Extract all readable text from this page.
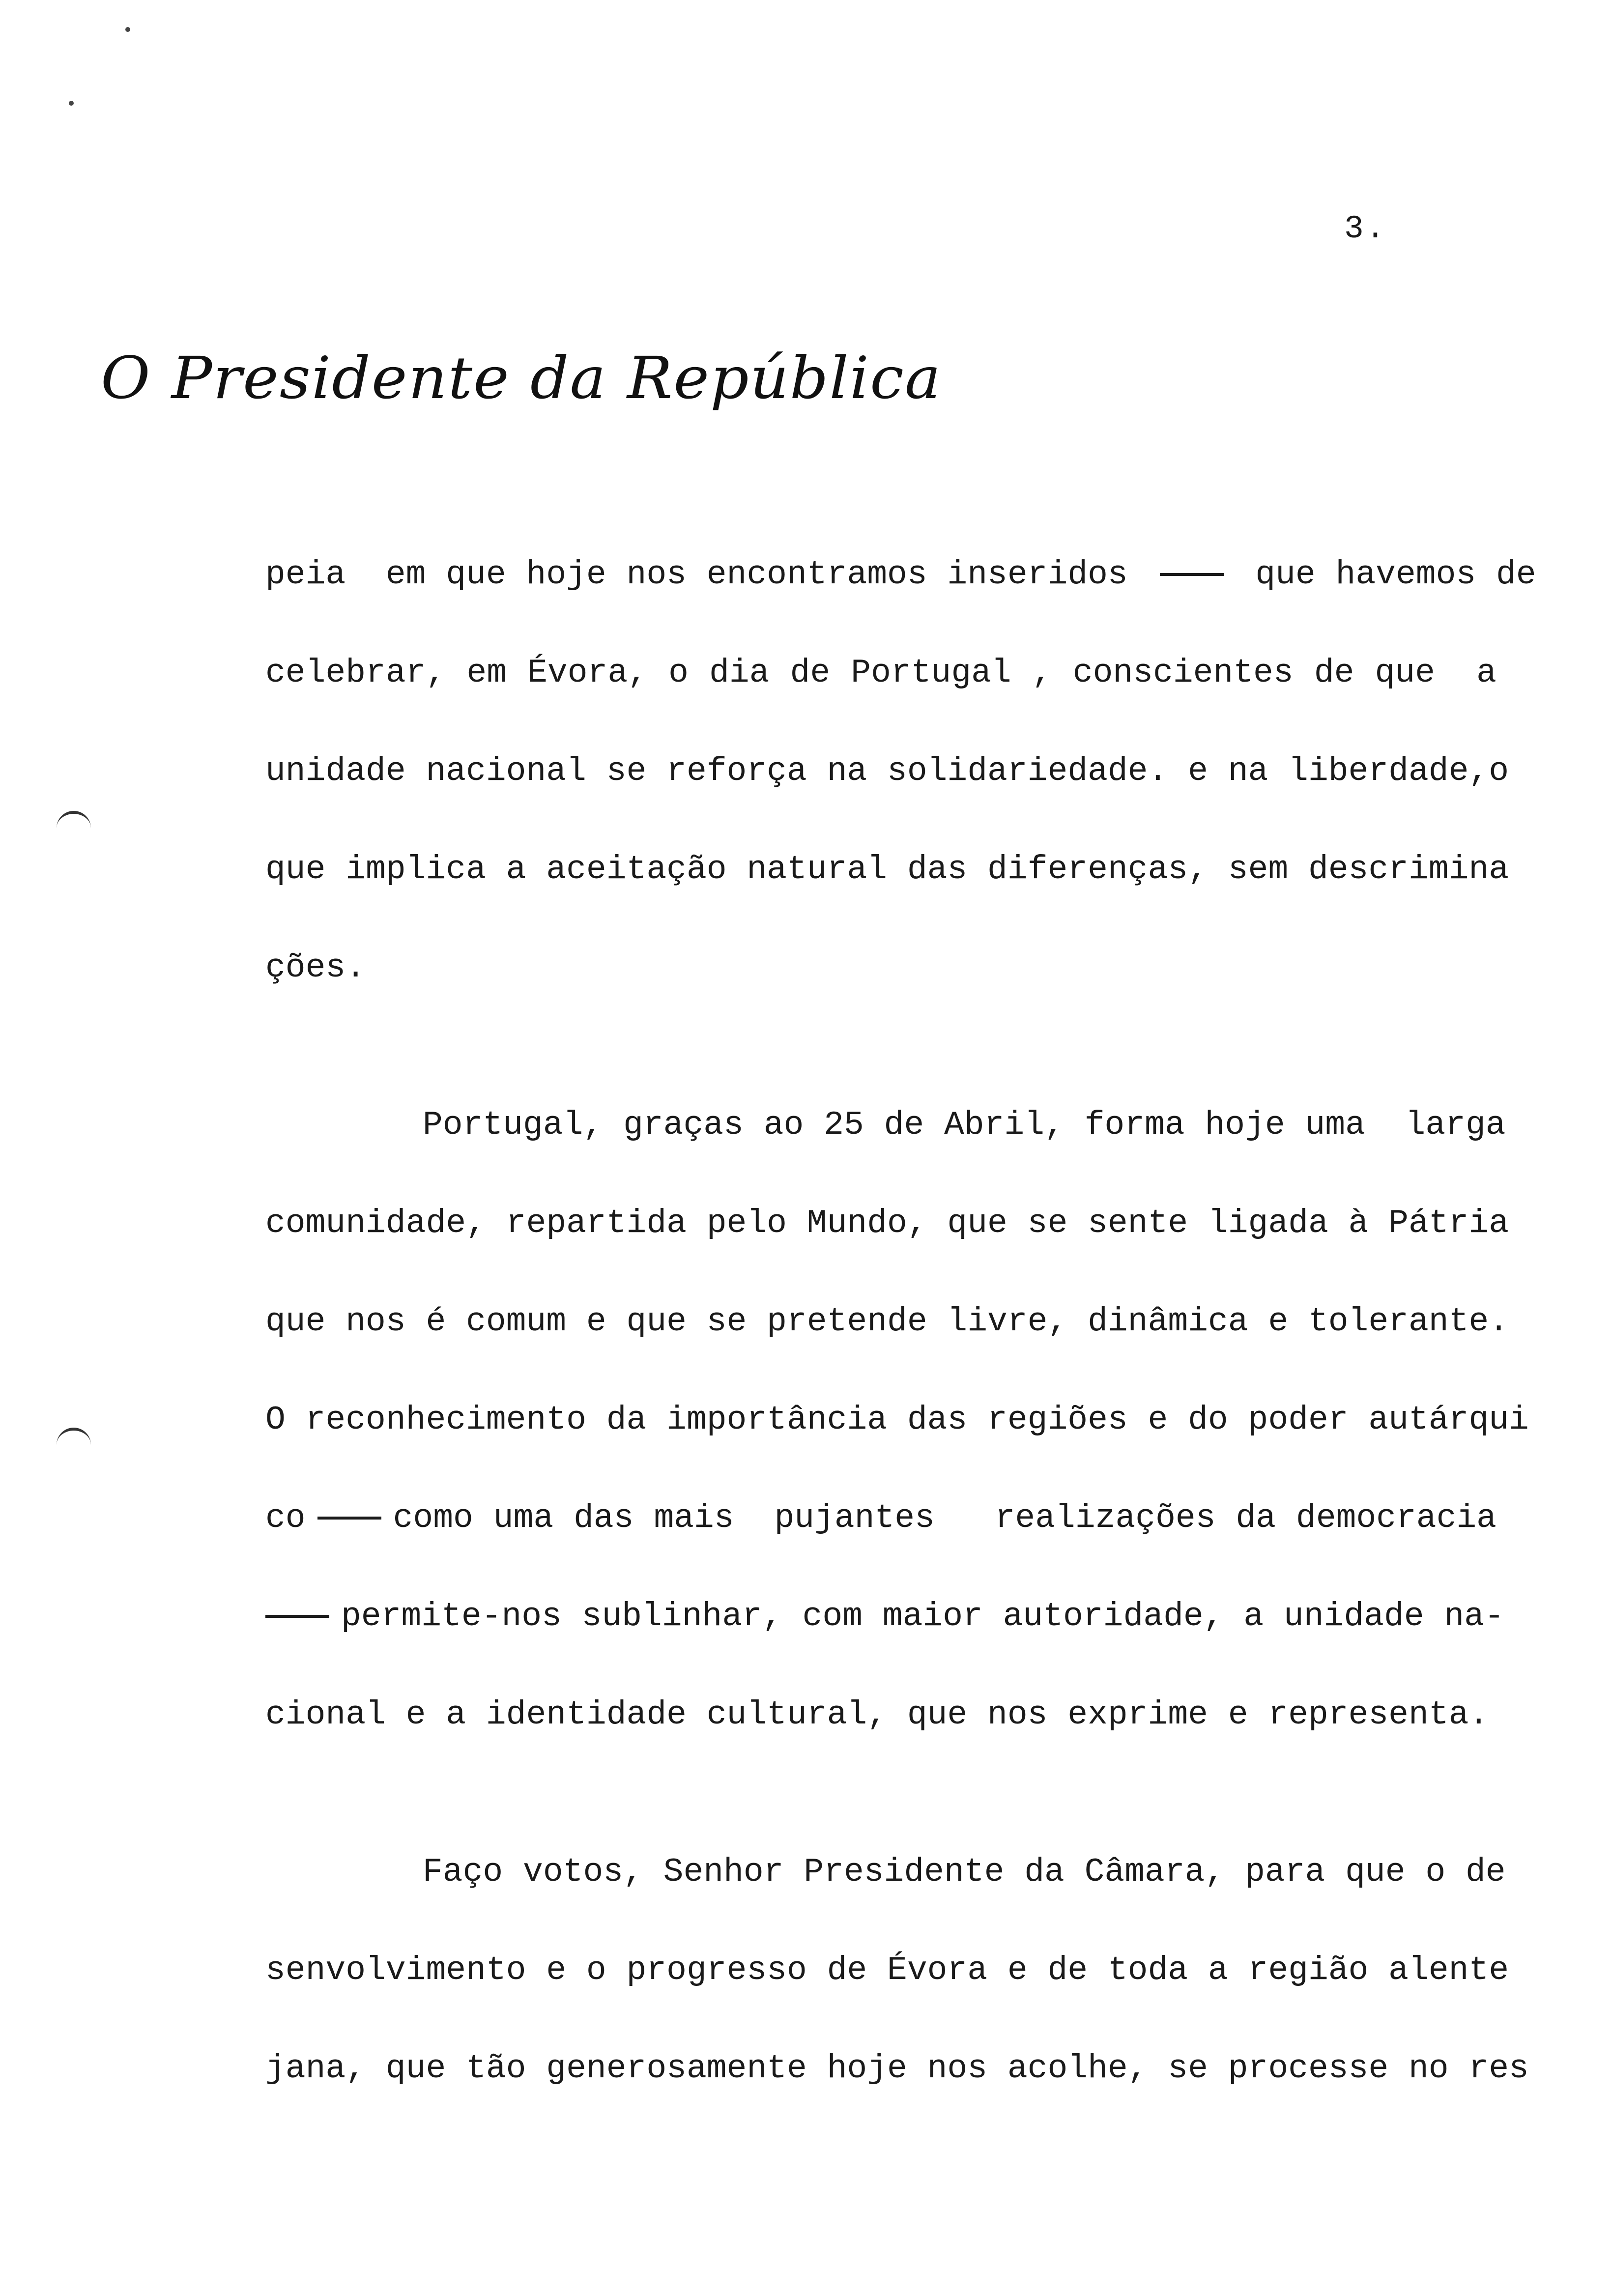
3.
O Presidente da República
peia  em que hoje nos encontramos inseridos	que havemos de
celebrar, em Évora, o dia de Portugal , conscientes de que  a
unidade nacional se reforça na solidariedade. e na liberdade,o
que implica a aceitação natural das diferenças, sem descrimina
ções.
Portugal, graças ao 25 de Abril, forma hoje uma  larga
comunidade, repartida pelo Mundo, que se sente ligada à Pátria
que nos é comum e que se pretende livre, dinâmica e tolerante.
O reconhecimento da importância das regiões e do poder autárqui
co	como uma das mais  pujantes   realizações da democracia
permite-nos sublinhar, com maior autoridade, a unidade na-
cional e a identidade cultural, que nos exprime e representa.
Faço votos, Senhor Presidente da Câmara, para que o de
senvolvimento e o progresso de Évora e de toda a região alente
jana, que tão generosamente hoje nos acolhe, se processe no res
